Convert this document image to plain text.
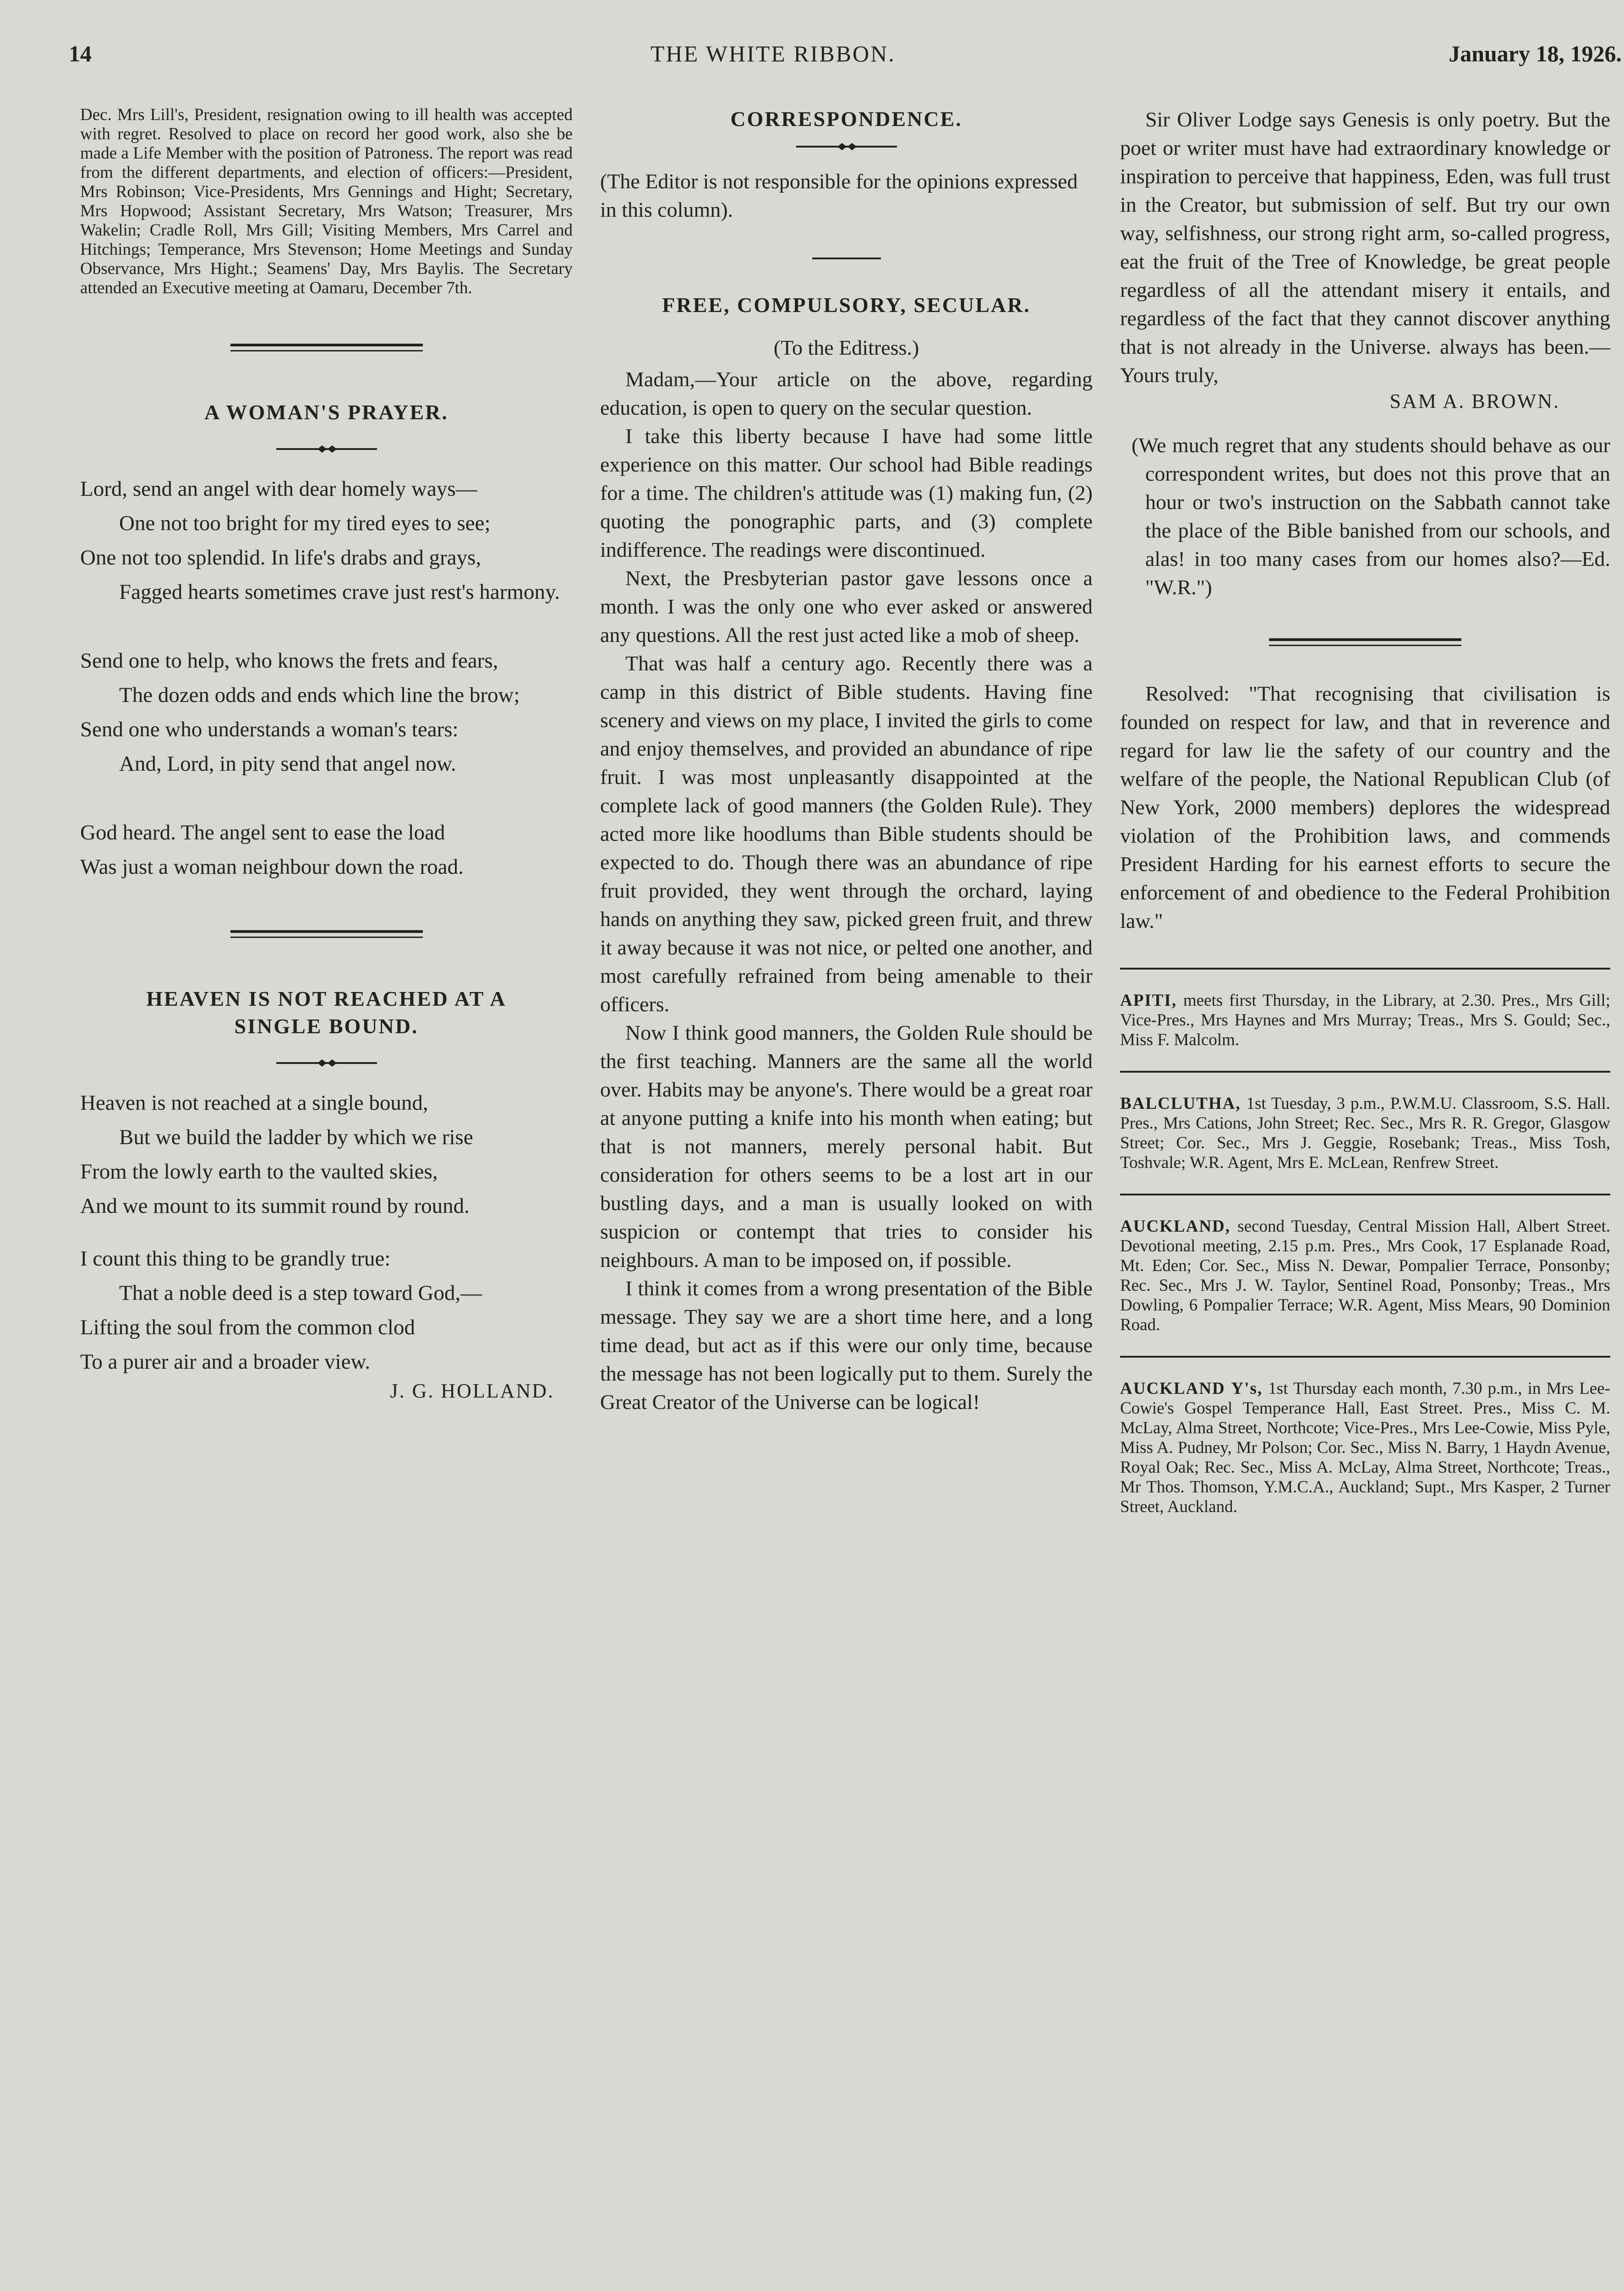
14	THE WHITE RIBBON.	January 18, 1926.

Dec. Mrs Lill's, President, resignation owing to ill health was accepted with regret. Resolved to place on record her good work, also she be made a Life Member with the position of Patroness. The report was read from the different departments, and election of officers:—President, Mrs Robinson; Vice-Presidents, Mrs Gennings and Hight; Secretary, Mrs Hopwood; Assistant Secretary, Mrs Watson; Treasurer, Mrs Wakelin; Cradle Roll, Mrs Gill; Visiting Members, Mrs Carrel and Hitchings; Temperance, Mrs Stevenson; Home Meetings and Sunday Observance, Mrs Hight.; Seamens' Day, Mrs Baylis. The Secretary attended an Executive meeting at Oamaru, December 7th.

A WOMAN'S PRAYER.

Lord, send an angel with dear homely ways—

One not too bright for my tired eyes to see;

One not too splendid. In life's drabs and grays,

Fagged hearts sometimes crave just rest's harmony.

Send one to help, who knows the frets and fears,

The dozen odds and ends which line the brow;

Send one who understands a woman's tears:

And, Lord, in pity send that angel now.

God heard. The angel sent to ease the load

Was just a woman neighbour down the road.

HEAVEN IS NOT REACHED AT A
SINGLE BOUND.

Heaven is not reached at a single bound,

But we build the ladder by which we rise

From the lowly earth to the vaulted skies,

And we mount to its summit round by round.

I count this thing to be grandly true:

That a noble deed is a step toward God,—

Lifting the soul from the common clod

To a purer air and a broader view.

J. G. HOLLAND.

CORRESPONDENCE.

(The Editor is not responsible for the opinions expressed in this column).

FREE, COMPULSORY, SECULAR.

(To the Editress.)

Madam,—Your article on the above, regarding education, is open to query on the secular question.

I take this liberty because I have had some little experience on this matter. Our school had Bible readings for a time. The children's attitude was (1) making fun, (2) quoting the ponographic parts, and (3) complete indifference. The readings were discontinued.

Next, the Presbyterian pastor gave lessons once a month. I was the only one who ever asked or answered any questions. All the rest just acted like a mob of sheep.

That was half a century ago. Recently there was a camp in this district of Bible students. Having fine scenery and views on my place, I invited the girls to come and enjoy themselves, and provided an abundance of ripe fruit. I was most unpleasantly disappointed at the complete lack of good manners (the Golden Rule). They acted more like hoodlums than Bible students should be expected to do. Though there was an abundance of ripe fruit provided, they went through the orchard, laying hands on anything they saw, picked green fruit, and threw it away because it was not nice, or pelted one another, and most carefully refrained from being amenable to their officers.

Now I think good manners, the Golden Rule should be the first teaching. Manners are the same all the world over. Habits may be anyone's. There would be a great roar at anyone putting a knife into his month when eating; but that is not manners, merely personal habit. But consideration for others seems to be a lost art in our bustling days, and a man is usually looked on with suspicion or contempt that tries to consider his neighbours. A man to be imposed on, if possible.

I think it comes from a wrong presentation of the Bible message. They say we are a short time here, and a long time dead, but act as if this were our only time, because the message has not been logically put to them. Surely the Great Creator of the Universe can be logical!

Sir Oliver Lodge says Genesis is only poetry. But the poet or writer must have had extraordinary knowledge or inspiration to perceive that happiness, Eden, was full trust in the Creator, but submission of self. But try our own way, selfishness, our strong right arm, so-called progress, eat the fruit of the Tree of Knowledge, be great people regardless of all the attendant misery it entails, and regardless of the fact that they cannot discover anything that is not already in the Universe. always has been.—Yours truly,

SAM A. BROWN.

(We much regret that any students should behave as our correspondent writes, but does not this prove that an hour or two's instruction on the Sabbath cannot take the place of the Bible banished from our schools, and alas! in too many cases from our homes also?—Ed. "W.R.")

Resolved: "That recognising that civilisation is founded on respect for law, and that in reverence and regard for law lie the safety of our country and the welfare of the people, the National Republican Club (of New York, 2000 members) deplores the widespread violation of the Prohibition laws, and commends President Harding for his earnest efforts to secure the enforcement of and obedience to the Federal Prohibition law."

APITI, meets first Thursday, in the Library, at 2.30. Pres., Mrs Gill; Vice-Pres., Mrs Haynes and Mrs Murray; Treas., Mrs S. Gould; Sec., Miss F. Malcolm.

BALCLUTHA, 1st Tuesday, 3 p.m., P.W.M.U. Classroom, S.S. Hall. Pres., Mrs Cations, John Street; Rec. Sec., Mrs R. R. Gregor, Glasgow Street; Cor. Sec., Mrs J. Geggie, Rosebank; Treas., Miss Tosh, Toshvale; W.R. Agent, Mrs E. McLean, Renfrew Street.

AUCKLAND, second Tuesday, Central Mission Hall, Albert Street. Devotional meeting, 2.15 p.m. Pres., Mrs Cook, 17 Esplanade Road, Mt. Eden; Cor. Sec., Miss N. Dewar, Pompalier Terrace, Ponsonby; Rec. Sec., Mrs J. W. Taylor, Sentinel Road, Ponsonby; Treas., Mrs Dowling, 6 Pompalier Terrace; W.R. Agent, Miss Mears, 90 Dominion Road.

AUCKLAND Y's, 1st Thursday each month, 7.30 p.m., in Mrs Lee-Cowie's Gospel Temperance Hall, East Street. Pres., Miss C. M. McLay, Alma Street, Northcote; Vice-Pres., Mrs Lee-Cowie, Miss Pyle, Miss A. Pudney, Mr Polson; Cor. Sec., Miss N. Barry, 1 Haydn Avenue, Royal Oak; Rec. Sec., Miss A. McLay, Alma Street, Northcote; Treas., Mr Thos. Thomson, Y.M.C.A., Auckland; Supt., Mrs Kasper, 2 Turner Street, Auckland.
